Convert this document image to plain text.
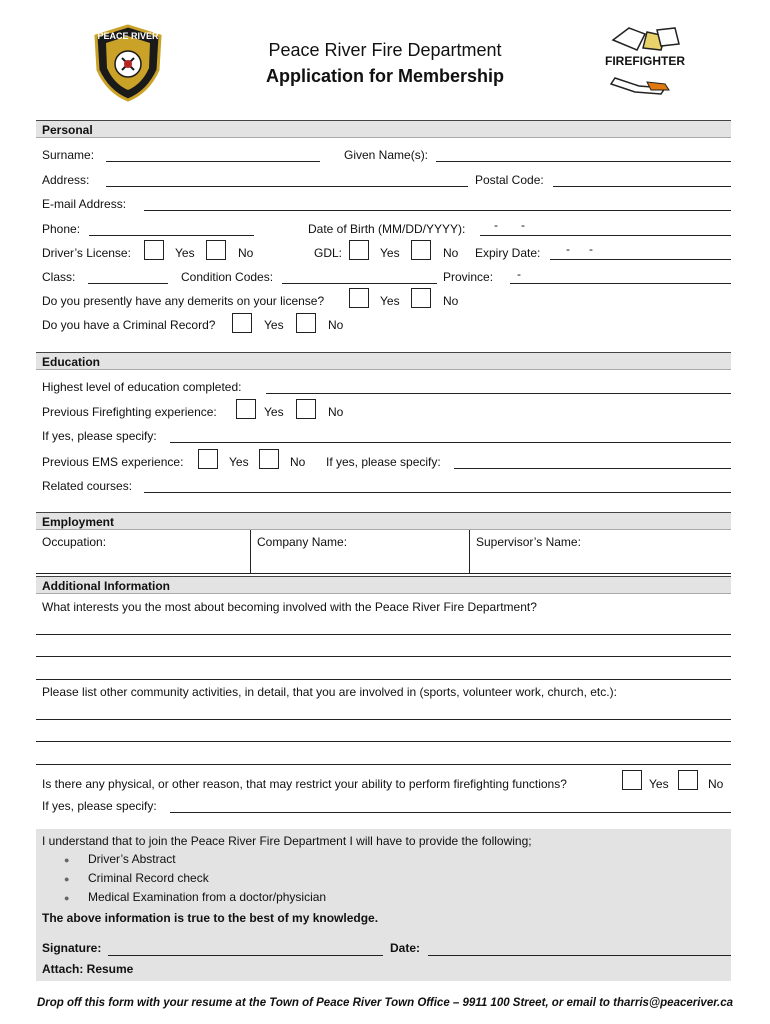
PEACE RIVER
Peace River Fire Department
Application for Membership
FIREFIGHTER
Personal
Surname:	Given Name(s):
Address:	Postal Code:
E-mail Address:
Phone:	Date of Birth (MM/DD/YYYY): - -
Driver’s License:	Yes	No	GDL:	Yes	No Expiry Date: - -
Class:	Condition Codes:	Province: -
Do you presently have any demerits on your license?	Yes	No
Do you have a Criminal Record?	Yes	No
Education
Highest level of education completed:
Previous Firefighting experience:	Yes	No
If yes, please specify:
Previous EMS experience:	Yes	No If yes, please specify:
Related courses:
Employment
Occupation:	Company Name:	Supervisor’s Name:
Additional Information
What interests you the most about becoming involved with the Peace River Fire Department?
Please list other community activities, in detail, that you are involved in (sports, volunteer work, church, etc.):
Is there any physical, or other reason, that may restrict your ability to perform firefighting functions?	Yes	No
If yes, please specify:
I understand that to join the Peace River Fire Department I will have to provide the following;
● Driver’s Abstract
● Criminal Record check
● Medical Examination from a doctor/physician
The above information is true to the best of my knowledge.
Signature:	Date:
Attach: Resume
Drop off this form with your resume at the Town of Peace River Town Office – 9911 100 Street, or email to tharris@peaceriver.ca
